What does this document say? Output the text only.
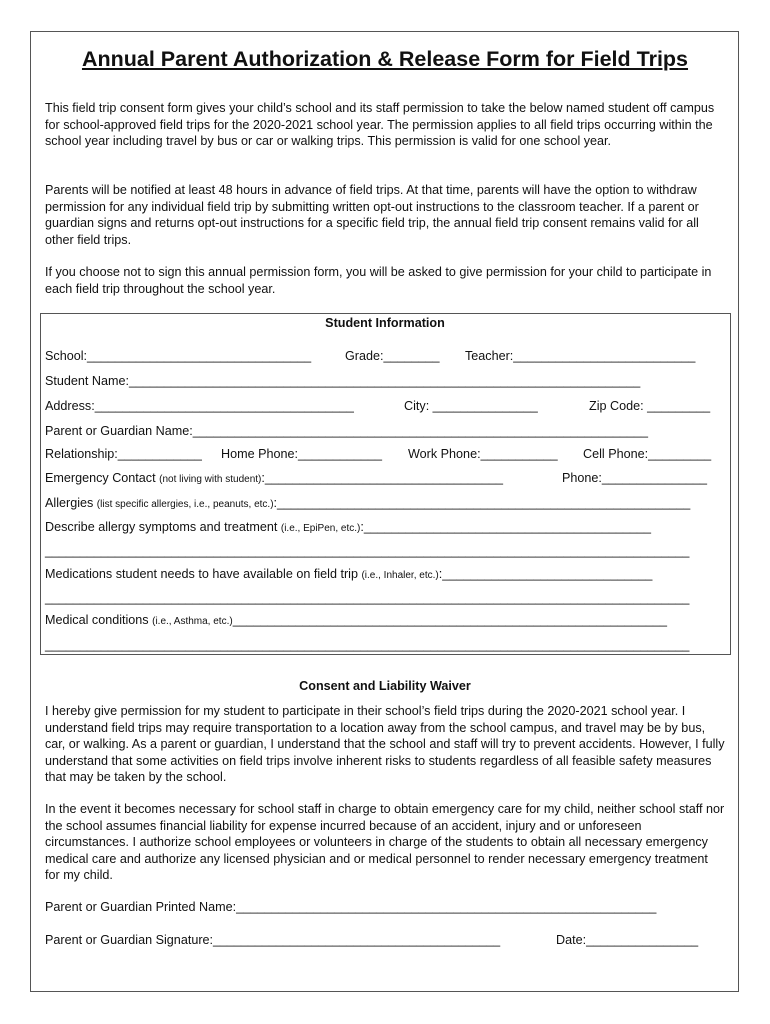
Annual Parent Authorization & Release Form for Field Trips

This field trip consent form gives your child’s school and its staff permission to take the below named student off campus for school-approved field trips for the 2020-2021 school year. The permission applies to all field trips occurring within the school year including travel by bus or car or walking trips. This permission is valid for one school year.

Parents will be notified at least 48 hours in advance of field trips. At that time, parents will have the option to withdraw permission for any individual field trip by submitting written opt-out instructions to the classroom teacher. If a parent or guardian signs and returns opt-out instructions for a specific field trip, the annual field trip consent remains valid for all other field trips.

If you choose not to sign this annual permission form, you will be asked to give permission for your child to participate in each field trip throughout the school year.

Student Information
School:________________________________	Grade:________ Teacher:__________________________
Student Name:_________________________________________________________________________
Address:_____________________________________	City: _______________	Zip Code: _________
Parent or Guardian Name:_________________________________________________________________
Relationship:____________ Home Phone:____________ Work Phone:___________ Cell Phone:_________
Emergency Contact (not living with student):__________________________________	Phone:_______________
Allergies (list specific allergies, i.e., peanuts, etc.):___________________________________________________________
Describe allergy symptoms and treatment (i.e., EpiPen, etc.):_________________________________________
____________________________________________________________________________________________
Medications student needs to have available on field trip (i.e., Inhaler, etc.):______________________________
____________________________________________________________________________________________
Medical conditions (i.e., Asthma, etc.)______________________________________________________________
____________________________________________________________________________________________
Consent and Liability Waiver

I hereby give permission for my student to participate in their school’s field trips during the 2020-2021 school year. I understand field trips may require transportation to a location away from the school campus, and travel may be by bus, car, or walking. As a parent or guardian, I understand that the school and staff will try to prevent accidents. However, I fully understand that some activities on field trips involve inherent risks to students regardless of all feasible safety measures that may be taken by the school.

In the event it becomes necessary for school staff in charge to obtain emergency care for my child, neither school staff nor the school assumes financial liability for expense incurred because of an accident, injury and or unforeseen circumstances. I authorize school employees or volunteers in charge of the students to obtain all necessary emergency medical care and authorize any licensed physician and or medical personnel to render necessary emergency treatment for my child.

Parent or Guardian Printed Name:____________________________________________________________
Parent or Guardian Signature:_________________________________________	Date:________________
